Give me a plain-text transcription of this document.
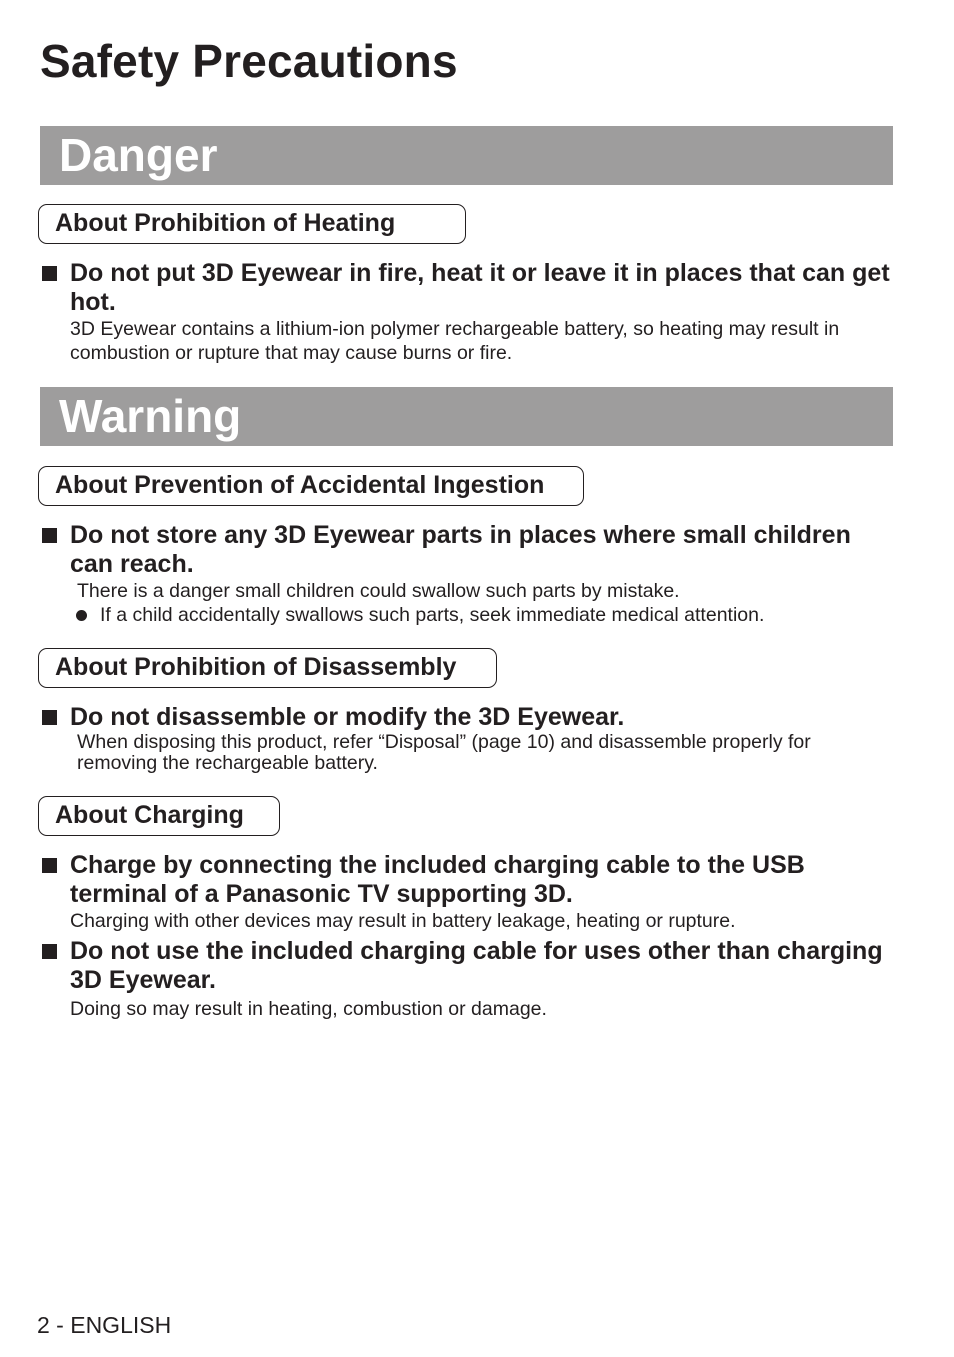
Safety Precautions
Danger
About Prohibition of Heating

Do not put 3D Eyewear in fire, heat it or leave it in places that can get hot.

3D Eyewear contains a lithium-ion polymer rechargeable battery, so heating may result in combustion or rupture that may cause burns or fire.

Warning
About Prevention of Accidental Ingestion

Do not store any 3D Eyewear parts in places where small children can reach.

There is a danger small children could swallow such parts by mistake.

If a child accidentally swallows such parts, seek immediate medical attention.

About Prohibition of Disassembly

Do not disassemble or modify the 3D Eyewear.

When disposing this product, refer “Disposal” (page 10) and disassemble properly for removing the rechargeable battery.

About Charging

Charge by connecting the included charging cable to the USB terminal of a Panasonic TV supporting 3D.

Charging with other devices may result in battery leakage, heating or rupture.

Do not use the included charging cable for uses other than charging 3D Eyewear.

Doing so may result in heating, combustion or damage.

2 - ENGLISH
